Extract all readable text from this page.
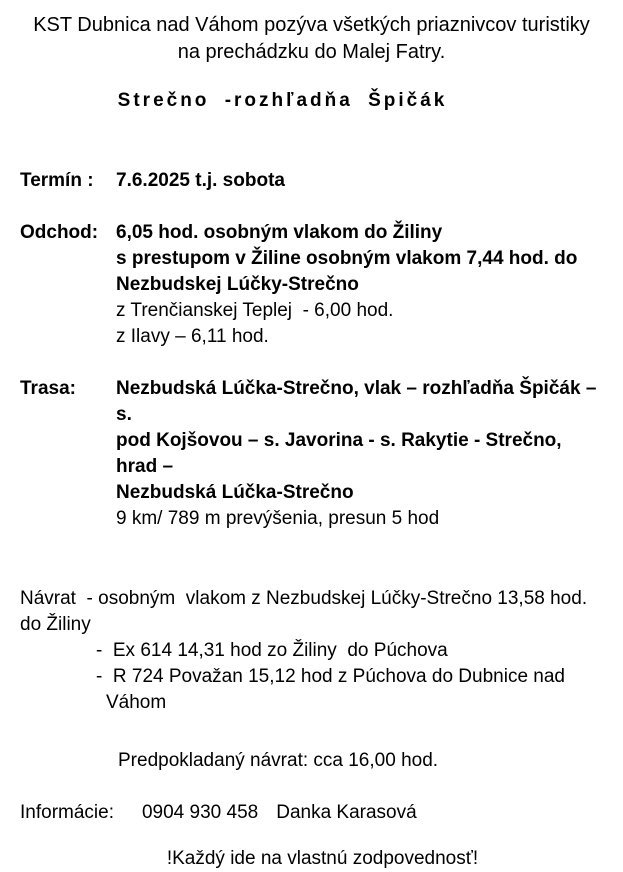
KST Dubnica nad Váhom pozýva všetkých priaznivcov turistiky
na prechádzku do Malej Fatry.
Strečno -rozhľadňa Špičák
Termín :	7.6.2025 t.j. sobota
Odchod: 6,05 hod. osobným vlakom do Žiliny
s prestupom v Žiline osobným vlakom 7,44 hod. do
Nezbudskej Lúčky-Strečno
z Trenčianskej Teplej  - 6,00 hod.
z Ilavy – 6,11 hod.
Trasa:	Nezbudská Lúčka-Strečno, vlak – rozhľadňa Špičák – s.
pod Kojšovou – s. Javorina - s. Rakytie - Strečno, hrad –
Nezbudská Lúčka-Strečno
9 km/ 789 m prevýšenia, presun 5 hod
Návrat  - osobným  vlakom z Nezbudskej Lúčky-Strečno 13,58 hod.
do Žiliny
-  Ex 614 14,31 hod zo Žiliny  do Púchova
-  R 724 Považan 15,12 hod z Púchova do Dubnice nad
Váhom
Predpokladaný návrat: cca 16,00 hod.
Informácie: 0904 930 458 Danka Karasová
!Každý ide na vlastnú zodpovednosť!
